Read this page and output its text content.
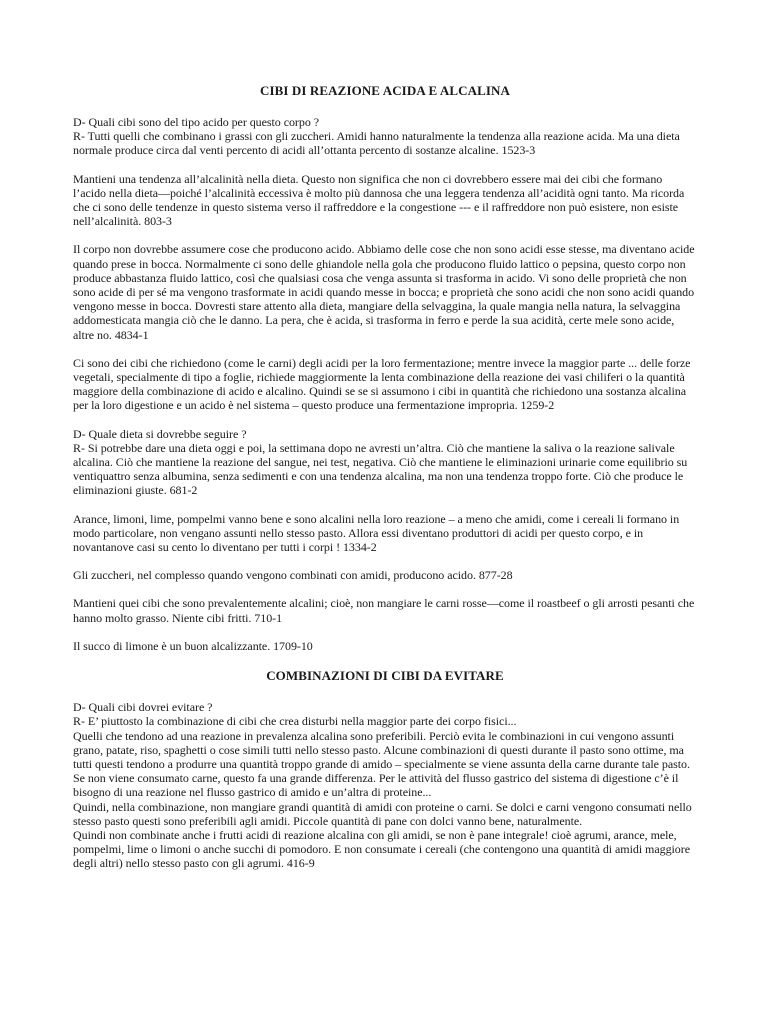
CIBI DI REAZIONE ACIDA E ALCALINA

D- Quali cibi sono del tipo acido per questo corpo ?
R- Tutti quelli che combinano i grassi con gli zuccheri. Amidi hanno naturalmente la tendenza alla reazione acida. Ma una dieta normale produce circa dal venti percento di acidi all’ottanta percento di sostanze alcaline. 1523-3

Mantieni una tendenza all’alcalinità nella dieta. Questo non significa che non ci dovrebbero essere mai dei cibi che formano l’acido nella dieta—poiché l’alcalinità eccessiva è molto più dannosa che una leggera tendenza all’acidità ogni tanto. Ma ricorda che ci sono delle tendenze in questo sistema verso il raffreddore e la congestione --- e il raffreddore non può esistere, non esiste nell’alcalinità. 803-3

Il corpo non dovrebbe assumere cose che producono acido. Abbiamo delle cose che non sono acidi esse stesse, ma diventano acide quando prese in bocca. Normalmente ci sono delle ghiandole nella gola che producono fluido lattico o pepsina, questo corpo non produce abbastanza fluido lattico, così che qualsiasi cosa che venga assunta si trasforma in acido. Vi sono delle proprietà che non sono acide di per sé ma vengono trasformate in acidi quando messe in bocca; e proprietà che sono acidi che non sono acidi quando vengono messe in bocca. Dovresti stare attento alla dieta, mangiare della selvaggina, la quale mangia nella natura, la selvaggina addomesticata mangia ciò che le danno. La pera, che è acida, si trasforma in ferro e perde la sua acidità, certe mele sono acide, altre no. 4834-1

Ci sono dei cibi che richiedono (come le carni) degli acidi per la loro fermentazione; mentre invece la maggior parte ... delle forze vegetali, specialmente di tipo a foglie, richiede maggiormente la lenta combinazione della reazione dei vasi chiliferi o la quantità maggiore della combinazione di acido e alcalino. Quindi se se si assumono i cibi in quantità che richiedono una sostanza alcalina per la loro digestione e un acido è nel sistema – questo produce una fermentazione impropria. 1259-2

D- Quale dieta si dovrebbe seguire ?
R- Si potrebbe dare una dieta oggi e poi, la settimana dopo ne avresti un’altra. Ciò che mantiene la saliva o la reazione salivale alcalina. Ciò che mantiene la reazione del sangue, nei test, negativa. Ciò che mantiene le eliminazioni urinarie come equilibrio su ventiquattro senza albumina, senza sedimenti e con una tendenza alcalina, ma non una tendenza troppo forte. Ciò che produce le eliminazioni giuste. 681-2

Arance, limoni, lime, pompelmi vanno bene e sono alcalini nella loro reazione – a meno che amidi, come i cereali li formano in modo particolare, non vengano assunti nello stesso pasto. Allora essi diventano produttori di acidi per questo corpo, e in novantanove casi su cento lo diventano per tutti i corpi ! 1334-2

Gli zuccheri, nel complesso quando vengono combinati con amidi, producono acido. 877-28

Mantieni quei cibi che sono prevalentemente alcalini; cioè, non mangiare le carni rosse—come il roastbeef o gli arrosti pesanti che hanno molto grasso. Niente cibi fritti. 710-1

Il succo di limone è un buon alcalizzante. 1709-10

COMBINAZIONI DI CIBI DA EVITARE

D- Quali cibi dovrei evitare ?
R- E’ piuttosto la combinazione di cibi che crea disturbi nella maggior parte dei corpo fisici...
Quelli che tendono ad una reazione in prevalenza alcalina sono preferibili. Perciò evita le combinazioni in cui vengono assunti grano, patate, riso, spaghetti o cose simili tutti nello stesso pasto. Alcune combinazioni di questi durante il pasto sono ottime, ma tutti questi tendono a produrre una quantità troppo grande di amido – specialmente se viene assunta della carne durante tale pasto. Se non viene consumato carne, questo fa una grande differenza. Per le attività del flusso gastrico del sistema di digestione c’è il bisogno di una reazione nel flusso gastrico di amido e un’altra di proteine...
Quindi, nella combinazione, non mangiare grandi quantità di amidi con proteine o carni. Se dolci e carni vengono consumati nello stesso pasto questi sono preferibili agli amidi. Piccole quantità di pane con dolci vanno bene, naturalmente.
Quindi non combinate anche i frutti acidi di reazione alcalina con gli amidi, se non è pane integrale! cioè agrumi, arance, mele, pompelmi, lime o limoni o anche succhi di pomodoro. E non consumate i cereali (che contengono una quantità di amidi maggiore degli altri) nello stesso pasto con gli agrumi. 416-9
